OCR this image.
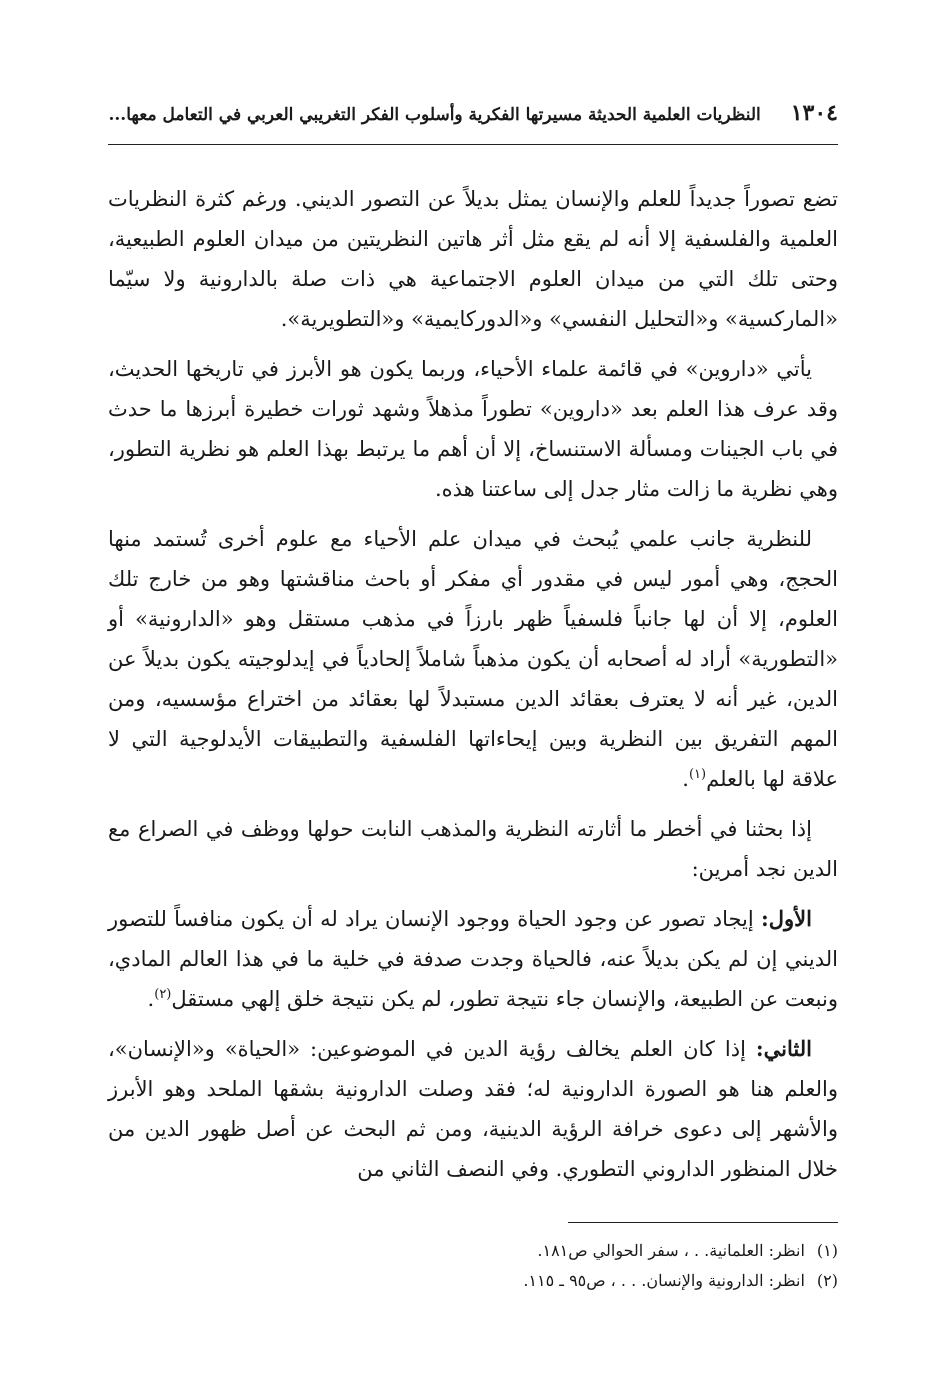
١٣٠٤
النظريات العلمية الحديثة مسيرتها الفكرية وأسلوب الفكر التغريبي العربي في التعامل معها...

تضع تصوراً جديداً للعلم والإنسان يمثل بديلاً عن التصور الديني. ورغم كثرة النظريات العلمية والفلسفية إلا أنه لم يقع مثل أثر هاتين النظريتين من ميدان العلوم الطبيعية، وحتى تلك التي من ميدان العلوم الاجتماعية هي ذات صلة بالدارونية ولا سيّما «الماركسية» و«التحليل النفسي» و«الدوركايمية» و«التطويرية».

يأتي «داروين» في قائمة علماء الأحياء، وربما يكون هو الأبرز في تاريخها الحديث، وقد عرف هذا العلم بعد «داروين» تطوراً مذهلاً وشهد ثورات خطيرة أبرزها ما حدث في باب الجينات ومسألة الاستنساخ، إلا أن أهم ما يرتبط بهذا العلم هو نظرية التطور، وهي نظرية ما زالت مثار جدل إلى ساعتنا هذه.

للنظرية جانب علمي يُبحث في ميدان علم الأحياء مع علوم أخرى تُستمد منها الحجج، وهي أمور ليس في مقدور أي مفكر أو باحث مناقشتها وهو من خارج تلك العلوم، إلا أن لها جانباً فلسفياً ظهر بارزاً في مذهب مستقل وهو «الدارونية» أو «التطورية» أراد له أصحابه أن يكون مذهباً شاملاً إلحادياً في إيدلوجيته يكون بديلاً عن الدين، غير أنه لا يعترف بعقائد الدين مستبدلاً لها بعقائد من اختراع مؤسسيه، ومن المهم التفريق بين النظرية وبين إيحاءاتها الفلسفية والتطبيقات الأيدلوجية التي لا علاقة لها بالعلم$^{(١)}$.

إذا بحثنا في أخطر ما أثارته النظرية والمذهب النابت حولها ووظف في الصراع مع الدين نجد أمرين:

الأول: إيجاد تصور عن وجود الحياة ووجود الإنسان يراد له أن يكون منافساً للتصور الديني إن لم يكن بديلاً عنه، فالحياة وجدت صدفة في خلية ما في هذا العالم المادي، ونبعت عن الطبيعة، والإنسان جاء نتيجة تطور، لم يكن نتيجة خلق إلهي مستقل$^{(٢)}$.

الثاني: إذا كان العلم يخالف رؤية الدين في الموضوعين: «الحياة» و«الإنسان»، والعلم هنا هو الصورة الدارونية له؛ فقد وصلت الدارونية بشقها الملحد وهو الأبرز والأشهر إلى دعوى خرافة الرؤية الدينية، ومن ثم البحث عن أصل ظهور الدين من خلال المنظور الداروني التطوري. وفي النصف الثاني من

(١)
انظر: العلمانية. . ، سفر الحوالي ص١٨١.
(٢)
انظر: الدارونية والإنسان. . . ، ص٩٥ ـ ١١٥.
